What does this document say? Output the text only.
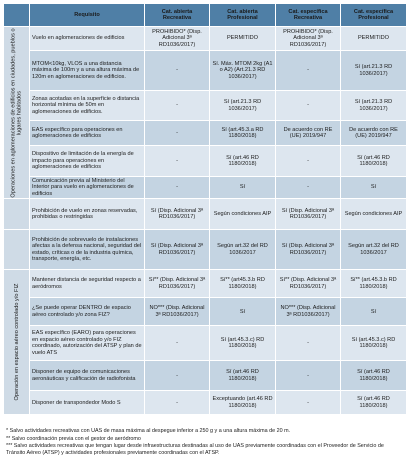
	Requisito	Cat. abierta Recreativa	Cat. abierta Profesional	Cat. específica Recreativa	Cat. específica Profesional

Operaciones en aglomeraciones de edificios en ciudades, pueblos o lugares habitados	Vuelo en aglomeraciones de edificios	PROHIBIDO* (Disp. Adicional 3ª RD1036/2017)	PERMITIDO	PROHIBIDO* (Disp. Adicional 3ª RD1036/2017)	PERMITIDO
	MTOM<10kg, VLOS a una distancia máxima de 100m y a una altura máxima de 120m en aglomeraciones de edificios.	-	Sí. Máx. MTOM 2kg (A1 o A2) (Art.21.3 RD 1036/2017)	-	Sí (art.21.3 RD 1036/2017)
	Zonas acotadas en la superficie o distancia horizontal mínima de 50m en aglomeraciones de edificios.	-	Sí (art.21.3 RD 1036/2017)	-	Sí (art.21.3 RD 1036/2017)
	EAS específico para operaciones en aglomeraciones de edificios	-	Sí (art.45.3.a RD 1180/2018)	De acuerdo con RE (UE) 2019/947	De acuerdo con RE (UE) 2019/947
	Dispositivo de limitación de la energía de impacto para operaciones en aglomeraciones de edificios	-	Sí (art.46 RD 1180/2018)	-	Sí (art.46 RD 1180/2018)
	Comunicación previa al Ministerio del Interior para vuelo en aglomeraciones de edificios	-	Sí	-	Sí
	Prohibición de vuelo en zonas reservadas, prohibidas o restringidas	Sí (Disp. Adicional 3ª RD1036/2017)	Según condiciones AIP	Sí (Disp. Adicional 3ª RD1036/2017)	Según condiciones AIP
	Prohibición de sobrevuelo de instalaciones afectas a la defensa nacional, seguridad del estado, críticas o de la industria química, transporte, energía, etc.	Sí (Disp. Adicional 3ª RD1036/2017)	Según art.32 del RD 1036/2017	Sí (Disp. Adicional 3ª RD1036/2017)	Según art.32 del RD 1036/2017

Operación en espacio aéreo controlado y/o FIZ	Mantener distancia de seguridad respecto a aeródromos	Sí** (Disp. Adicional 3ª RD1036/2017)	Sí** (art45.3.b RD 1180/2018)	Sí** (Disp. Adicional 3ª RD1036/2017)	Sí** (art.45.3.b RD 1180/2018)
	¿Se puede operar DENTRO de espacio aéreo controlado y/o zona FIZ?	NO*** (Disp. Adicional 3ª RD1036/2017)	Sí	NO*** (Disp. Adicional 3ª RD1036/2017)	Sí
	EAS específico (EARO) para operaciones en espacio aéreo controlado y/o FIZ coordinado, autorización del ATSP y plan de vuelo ATS	-	Sí (art.45.3.c) RD 1180/2018)	-	Sí (art.45.3.c) RD 1180/2018)
	Disponer de equipo de comunicaciones aeronáuticas y calificación de radiofonista	-	Sí (art.46 RD 1180/2018)	-	Sí (art.46 RD 1180/2018)
	Disponer de transpondedor Modo S	-	Exceptuando (art.46 RD 1180/2018)	-	Sí (art.46 RD 1180/2018)

* Salvo actividades recreativas con UAS de masa máxima al despegue inferior a 250 g y a una altura máxima de 20 m.

** Salvo coordinación previa con el gestor de aeródromo

*** Salvo actividades recreativas que tengan lugar desde infraestructuras destinadas al uso de UAS previamente coordinadas con el Proveedor de Servicio de Tránsito Aéreo (ATSP) y actividades profesionales previamente coordinadas con el ATSP.
